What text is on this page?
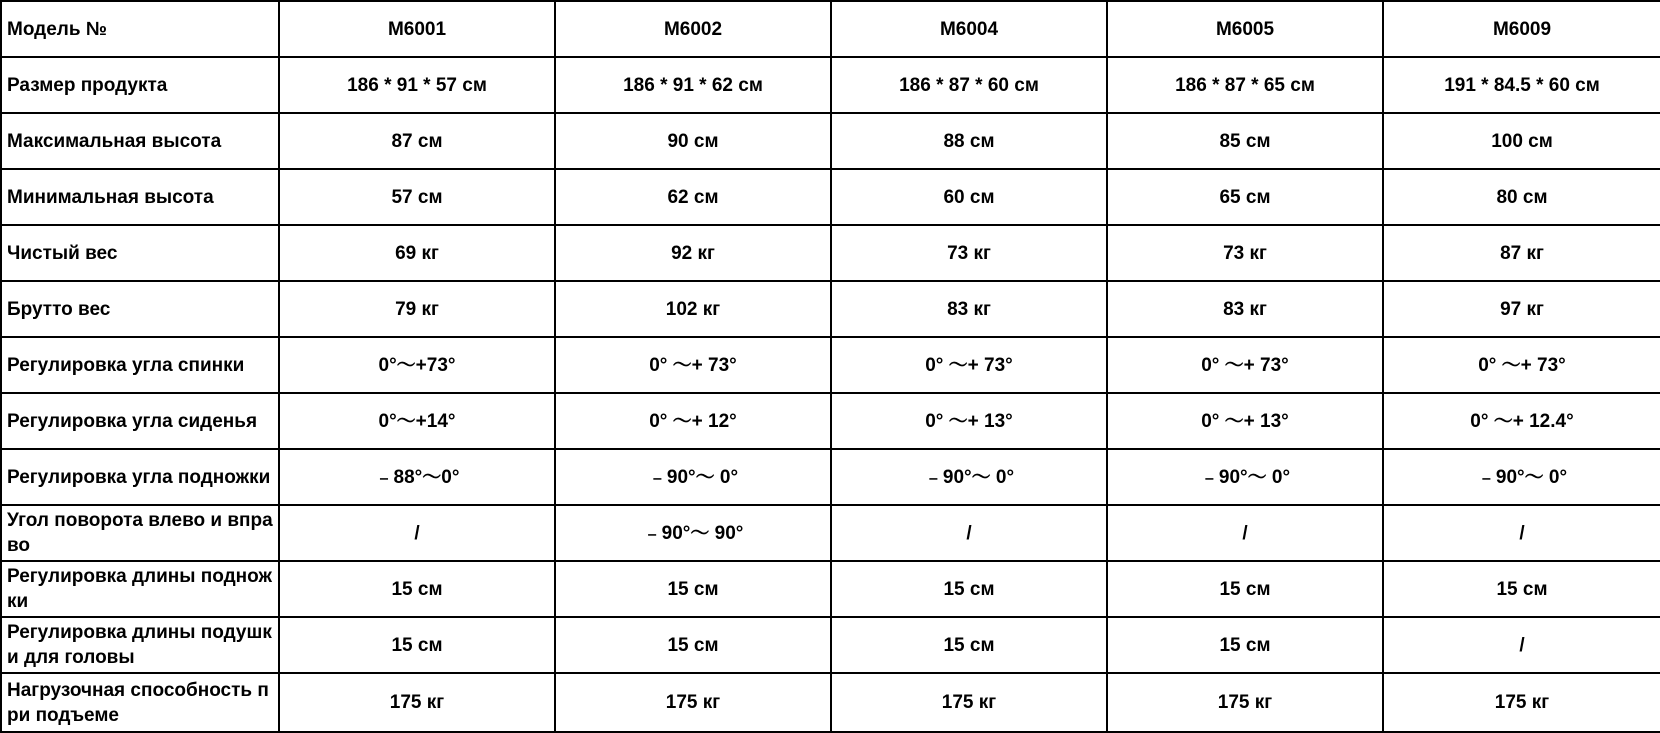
Модель №	M6001	M6002	M6004	M6005	M6009
Размер продукта	186 * 91 * 57 см	186 * 91 * 62 см	186 * 87 * 60 см	186 * 87 * 65 см	191 * 84.5 * 60 см
Максимальная высота	87 см	90 см	88 см	85 см	100 см
Минимальная высота	57 см	62 см	60 см	65 см	80 см
Чистый вес	69 кг	92 кг	73 кг	73 кг	87 кг
Брутто вес	79 кг	102 кг	83 кг	83 кг	97 кг
Регулировка угла спинки	0°～+73°	0° ～+ 73°	0° ～+ 73°	0° ～+ 73°	0° ～+ 73°
Регулировка угла сиденья	0°～+14°	0° ～+ 12°	0° ～+ 13°	0° ～+ 13°	0° ～+ 12.4°
Регулировка угла подножки	﹣88°～0°	﹣90°～ 0°	﹣90°～ 0°	﹣90°～ 0°	﹣90°～ 0°
Угол поворота влево и вправо	/	﹣90°～ 90°	/	/	/
Регулировка длины подножки	15 см	15 см	15 см	15 см	15 см
Регулировка длины подушки для головы	15 см	15 см	15 см	15 см	/
Нагрузочная способность при подъеме	175 кг	175 кг	175 кг	175 кг	175 кг
